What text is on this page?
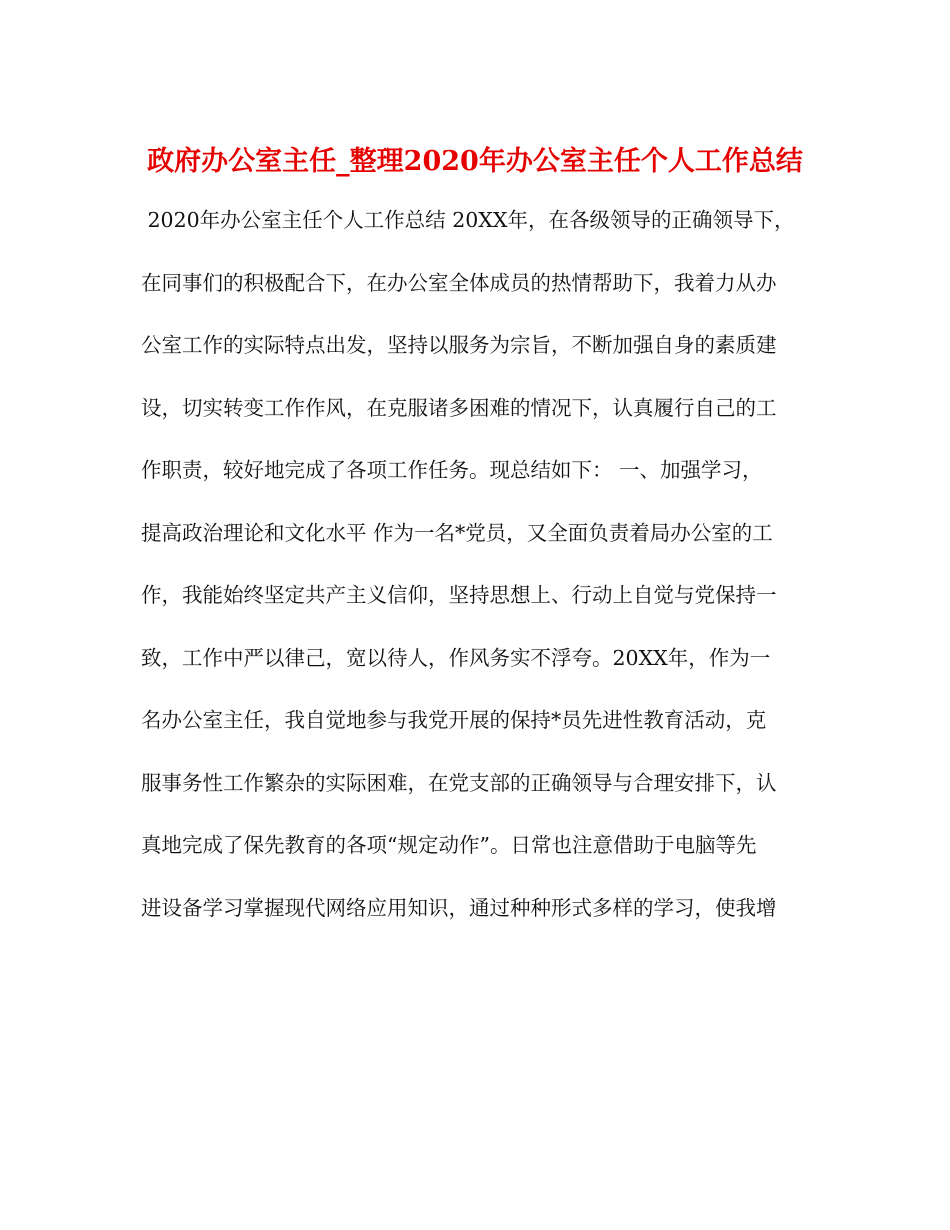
政府办公室主任_整理2020年办公室主任个人工作总结
2020年办公室主任个人工作总结 20XX年，在各级领导的正确领导下，
在同事们的积极配合下，在办公室全体成员的热情帮助下，我着力从办
公室工作的实际特点出发，坚持以服务为宗旨，不断加强自身的素质建
设，切实转变工作作风，在克服诸多困难的情况下，认真履行自己的工
作职责，较好地完成了各项工作任务。现总结如下： 一、加强学习，
提高政治理论和文化水平 作为一名*党员，又全面负责着局办公室的工
作，我能始终坚定共产主义信仰，坚持思想上、行动上自觉与党保持一
致，工作中严以律己，宽以待人，作风务实不浮夸。20XX年，作为一
名办公室主任，我自觉地参与我党开展的保持*员先进性教育活动，克
服事务性工作繁杂的实际困难，在党支部的正确领导与合理安排下，认
真地完成了保先教育的各项“规定动作”。日常也注意借助于电脑等先
进设备学习掌握现代网络应用知识，通过种种形式多样的学习，使我增
